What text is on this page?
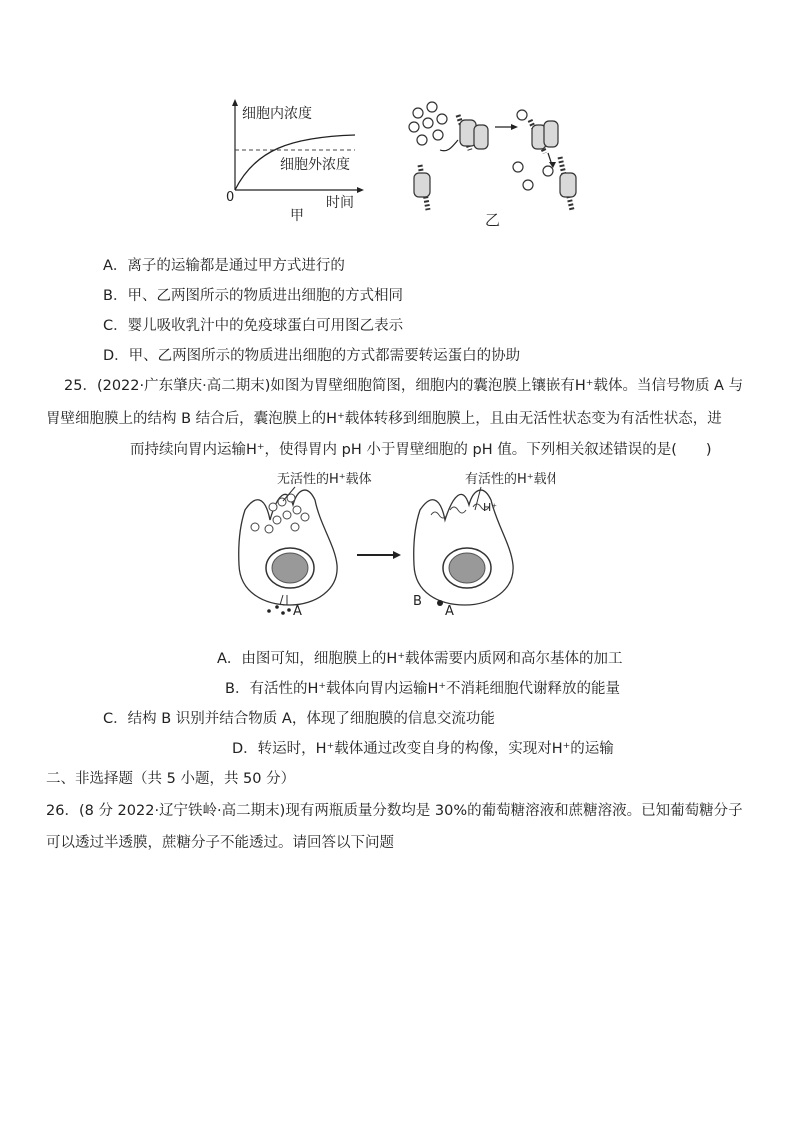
细胞内浓度
细胞外浓度
0	时间
甲	乙
A．离子的运输都是通过甲方式进行的
B．甲、乙两图所示的物质进出细胞的方式相同
C．婴儿吸收乳汁中的免疫球蛋白可用图乙表示
D．甲、乙两图所示的物质进出细胞的方式都需要转运蛋白的协助
25．(2022·广东肇庆·高二期末)如图为胃壁细胞简图，细胞内的囊泡膜上镶嵌有H⁺载体。当信号物质 A 与
胃壁细胞膜上的结构 B 结合后，囊泡膜上的H⁺载体转移到细胞膜上，且由无活性状态变为有活性状态，进
而持续向胃内运输H⁺，使得胃内 pH 小于胃壁细胞的 pH 值。下列相关叙述错误的是(　　)
无活性的H⁺载体
A
有活性的H⁺载体
H⁺
B
A
A．由图可知，细胞膜上的H⁺载体需要内质网和高尔基体的加工
B．有活性的H⁺载体向胃内运输H⁺不消耗细胞代谢释放的能量
C．结构 B 识别并结合物质 A，体现了细胞膜的信息交流功能
D．转运时，H⁺载体通过改变自身的构像，实现对H⁺的运输
二、非选择题（共 5 小题，共 50 分）
26．(8 分 2022·辽宁铁岭·高二期末)现有两瓶质量分数均是 30%的葡萄糖溶液和蔗糖溶液。已知葡萄糖分子
可以透过半透膜，蔗糖分子不能透过。请回答以下问题
